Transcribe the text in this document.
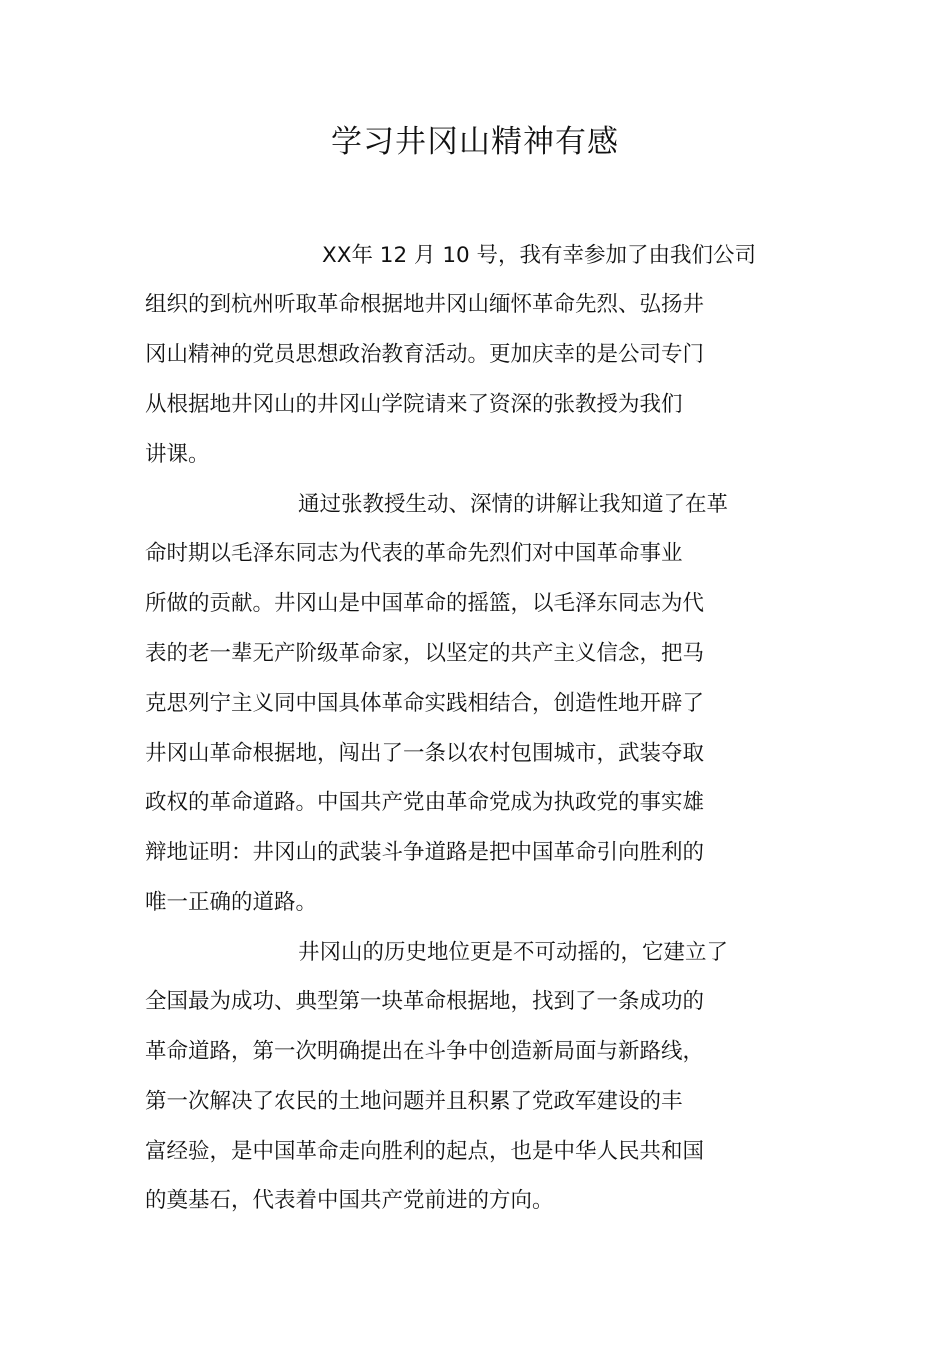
学习井冈山精神有感
XX年 12 月 10 号，我有幸参加了由我们公司
组织的到杭州听取革命根据地井冈山缅怀革命先烈、弘扬井
冈山精神的党员思想政治教育活动。更加庆幸的是公司专门
从根据地井冈山的井冈山学院请来了资深的张教授为我们
讲课。
通过张教授生动、深情的讲解让我知道了在革
命时期以毛泽东同志为代表的革命先烈们对中国革命事业
所做的贡献。井冈山是中国革命的摇篮，以毛泽东同志为代
表的老一辈无产阶级革命家，以坚定的共产主义信念，把马
克思列宁主义同中国具体革命实践相结合，创造性地开辟了
井冈山革命根据地，闯出了一条以农村包围城市，武装夺取
政权的革命道路。中国共产党由革命党成为执政党的事实雄
辩地证明：井冈山的武装斗争道路是把中国革命引向胜利的
唯一正确的道路。
井冈山的历史地位更是不可动摇的，它建立了
全国最为成功、典型第一块革命根据地，找到了一条成功的
革命道路，第一次明确提出在斗争中创造新局面与新路线，
第一次解决了农民的土地问题并且积累了党政军建设的丰
富经验，是中国革命走向胜利的起点，也是中华人民共和国
的奠基石，代表着中国共产党前进的方向。
